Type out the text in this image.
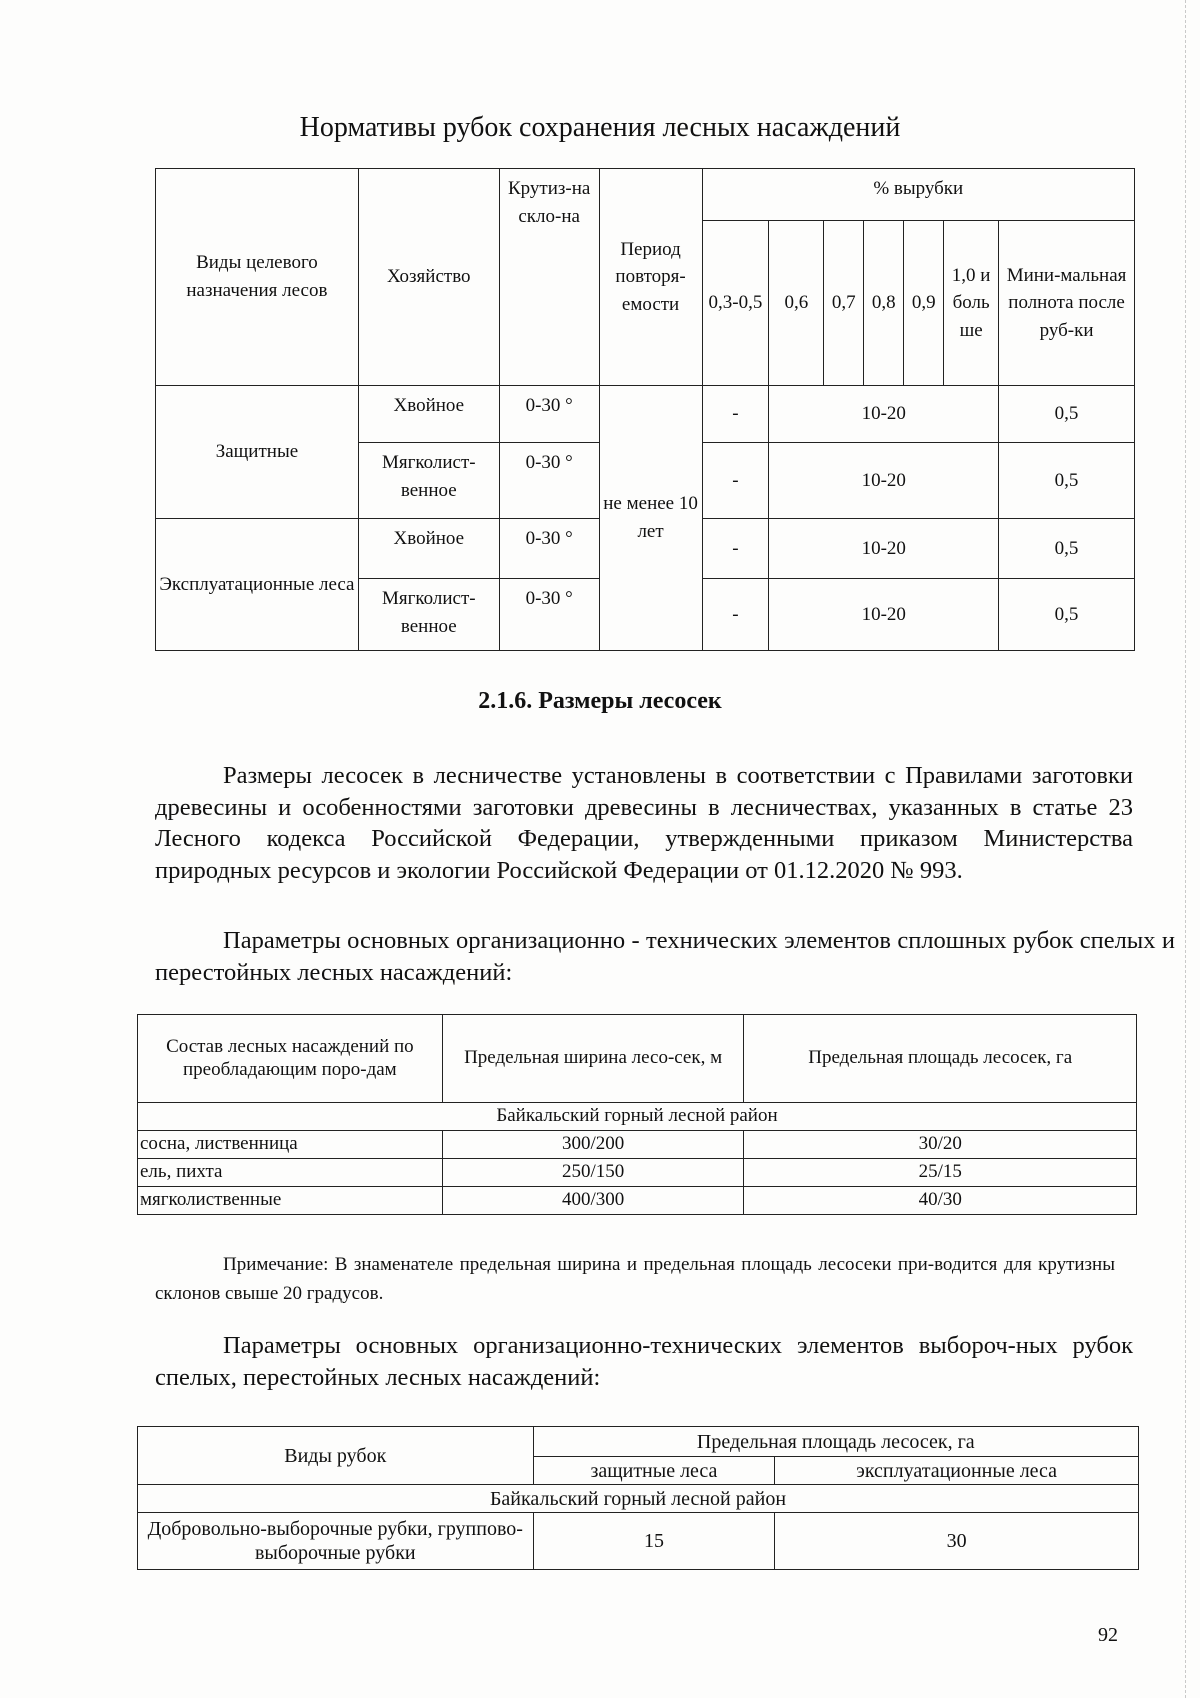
Нормативы рубок сохранения лесных насаждений
Виды целевого назначения лесов	Хозяйство	Крутиз-на скло-на	Период повторя-емости	% вырубки						
				0,3-0,5	0,6	0,7	0,8	0,9	1,0 и боль ше	Мини-мальная полнота после руб-ки
Защитные	Хвойное	0-30 °	не менее 10 лет	-	10-20					0,5
	Мягколист-венное	0-30 °		-	10-20					0,5
Эксплуатационные леса	Хвойное	0-30 °		-	10-20					0,5
	Мягколист-венное	0-30 °		-	10-20					0,5
2.1.6. Размеры лесосек
Размеры лесосек в лесничестве установлены в соответствии с Правилами заготовки древесины и особенностями заготовки древесины в лесничествах, указанных в статье 23 Лесного кодекса Российской Федерации, утвержденными приказом Министерства природных ресурсов и экологии Российской Федерации от 01.12.2020 № 993.
Параметры основных организационно - технических элементов сплошных рубок спелых и перестойных лесных насаждений:
Состав лесных насаждений по преобладающим поро-дам	Предельная ширина лесо-сек, м	Предельная площадь лесосек, га
Байкальский горный лесной район		
сосна, лиственница	300/200	30/20
ель, пихта	250/150	25/15
мягколиственные	400/300	40/30
Примечание: В знаменателе предельная ширина и предельная площадь лесосеки при-водится для крутизны склонов свыше 20 градусов.
Параметры основных организационно-технических элементов выбороч-ных рубок спелых, перестойных лесных насаждений:
Виды рубок	Предельная площадь лесосек, га	
	защитные леса	эксплуатационные леса
Байкальский горный лесной район		
Добровольно-выборочные рубки, группово-выборочные рубки	15	30
92
